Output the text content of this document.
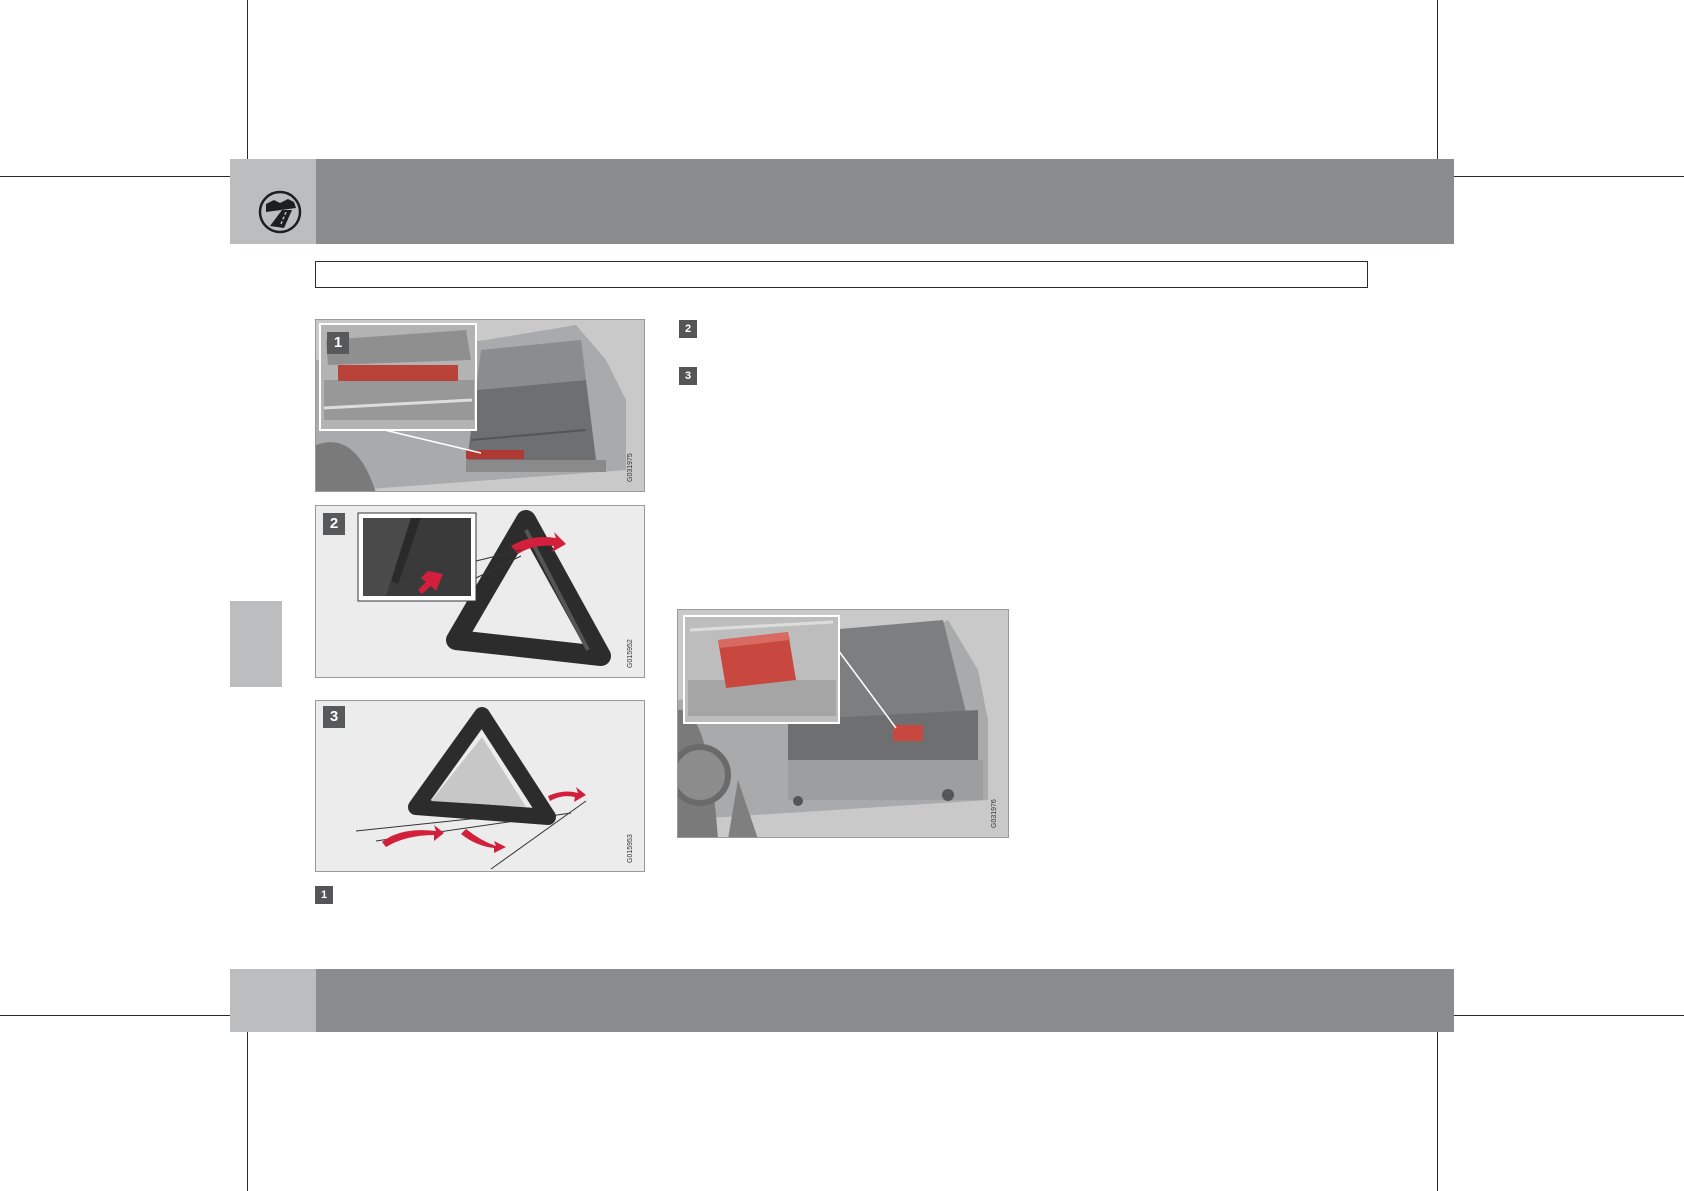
1
G031975
2
G015952
3
G015953
G031976
1
2
3
